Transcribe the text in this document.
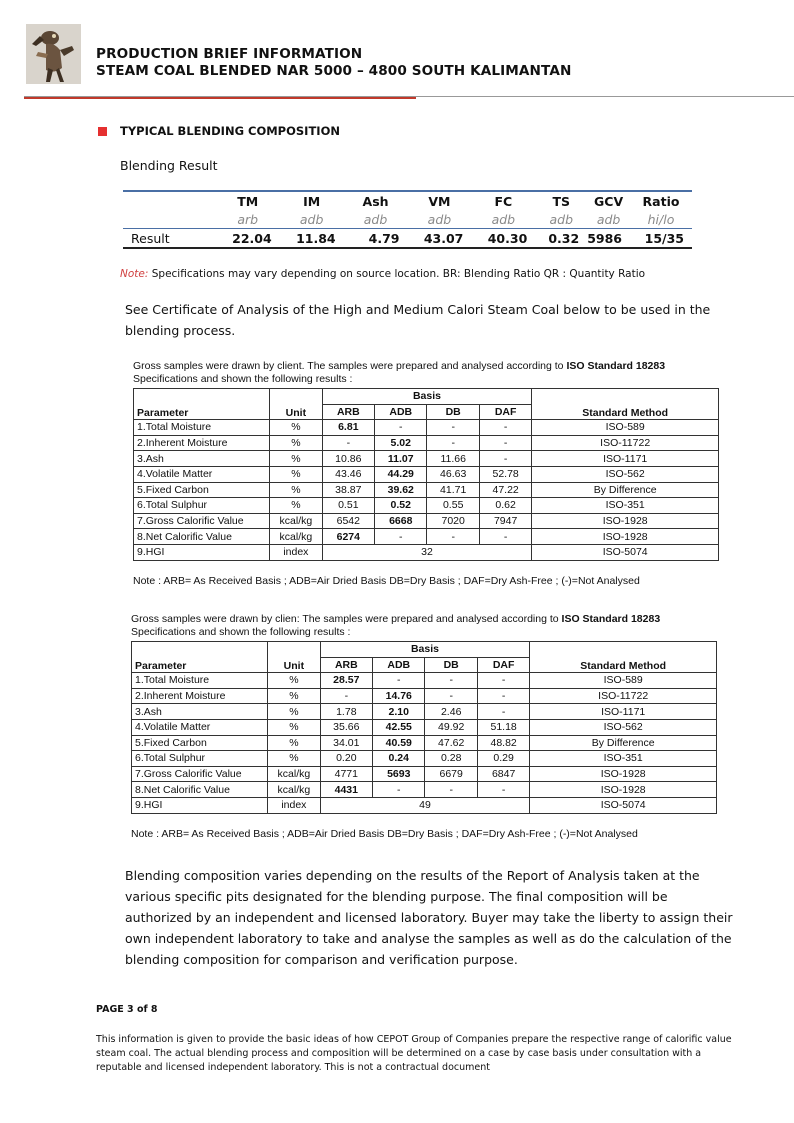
PRODUCTION BRIEF INFORMATION
STEAM COAL BLENDED NAR 5000 – 4800 SOUTH KALIMANTAN
TYPICAL BLENDING COMPOSITION
Blending Result
	TM	IM	Ash	VM	FC	TS	GCV	Ratio
	arb	adb	adb	adb	adb	adb	adb	hi/lo
Result	22.04	11.84	4.79	43.07	40.30	0.32	5986	15/35
Note: Specifications may vary depending on source location. BR: Blending Ratio QR : Quantity Ratio
See Certificate of Analysis of the High and Medium Calori Steam Coal below to be used in the blending process.
Gross samples were drawn by client. The samples were prepared and analysed according to ISO Standard 18283
Specifications and shown the following results :
Parameter	Unit	Basis				Standard Method
		ARB	ADB	DB	DAF	
1.Total Moisture	%	6.81	-	-	-	ISO-589
2.Inherent Moisture	%	-	5.02	-	-	ISO-11722
3.Ash	%	10.86	11.07	11.66	-	ISO-1171
4.Volatile Matter	%	43.46	44.29	46.63	52.78	ISO-562
5.Fixed Carbon	%	38.87	39.62	41.71	47.22	By Difference
6.Total Sulphur	%	0.51	0.52	0.55	0.62	ISO-351
7.Gross Calorific Value	kcal/kg	6542	6668	7020	7947	ISO-1928
8.Net Calorific Value	kcal/kg	6274	-	-	-	ISO-1928
9.HGI	index	32				ISO-5074
Note : ARB= As Received Basis ; ADB=Air Dried Basis DB=Dry Basis ; DAF=Dry Ash-Free ; (-)=Not Analysed
Gross samples were drawn by clien: The samples were prepared and analysed according to ISO Standard 18283
Specifications and shown the following results :
Parameter	Unit	Basis				Standard Method
		ARB	ADB	DB	DAF	
1.Total Moisture	%	28.57	-	-	-	ISO-589
2.Inherent Moisture	%	-	14.76	-	-	ISO-11722
3.Ash	%	1.78	2.10	2.46	-	ISO-1171
4.Volatile Matter	%	35.66	42.55	49.92	51.18	ISO-562
5.Fixed Carbon	%	34.01	40.59	47.62	48.82	By Difference
6.Total Sulphur	%	0.20	0.24	0.28	0.29	ISO-351
7.Gross Calorific Value	kcal/kg	4771	5693	6679	6847	ISO-1928
8.Net Calorific Value	kcal/kg	4431	-	-	-	ISO-1928
9.HGI	index	49				ISO-5074
Note : ARB= As Received Basis ; ADB=Air Dried Basis DB=Dry Basis ; DAF=Dry Ash-Free ; (-)=Not Analysed
Blending composition varies depending on the results of the Report of Analysis taken at the various specific pits designated for the blending purpose. The final composition will be authorized by an independent and licensed laboratory. Buyer may take the liberty to assign their own independent laboratory to take and analyse the samples as well as do the calculation of the blending composition for comparison and verification purpose.
PAGE 3 of 8
This information is given to provide the basic ideas of how CEPOT Group of Companies prepare the respective range of calorific value steam coal. The actual blending process and composition will be determined on a case by case basis under consultation with a reputable and licensed independent laboratory. This is not a contractual document
